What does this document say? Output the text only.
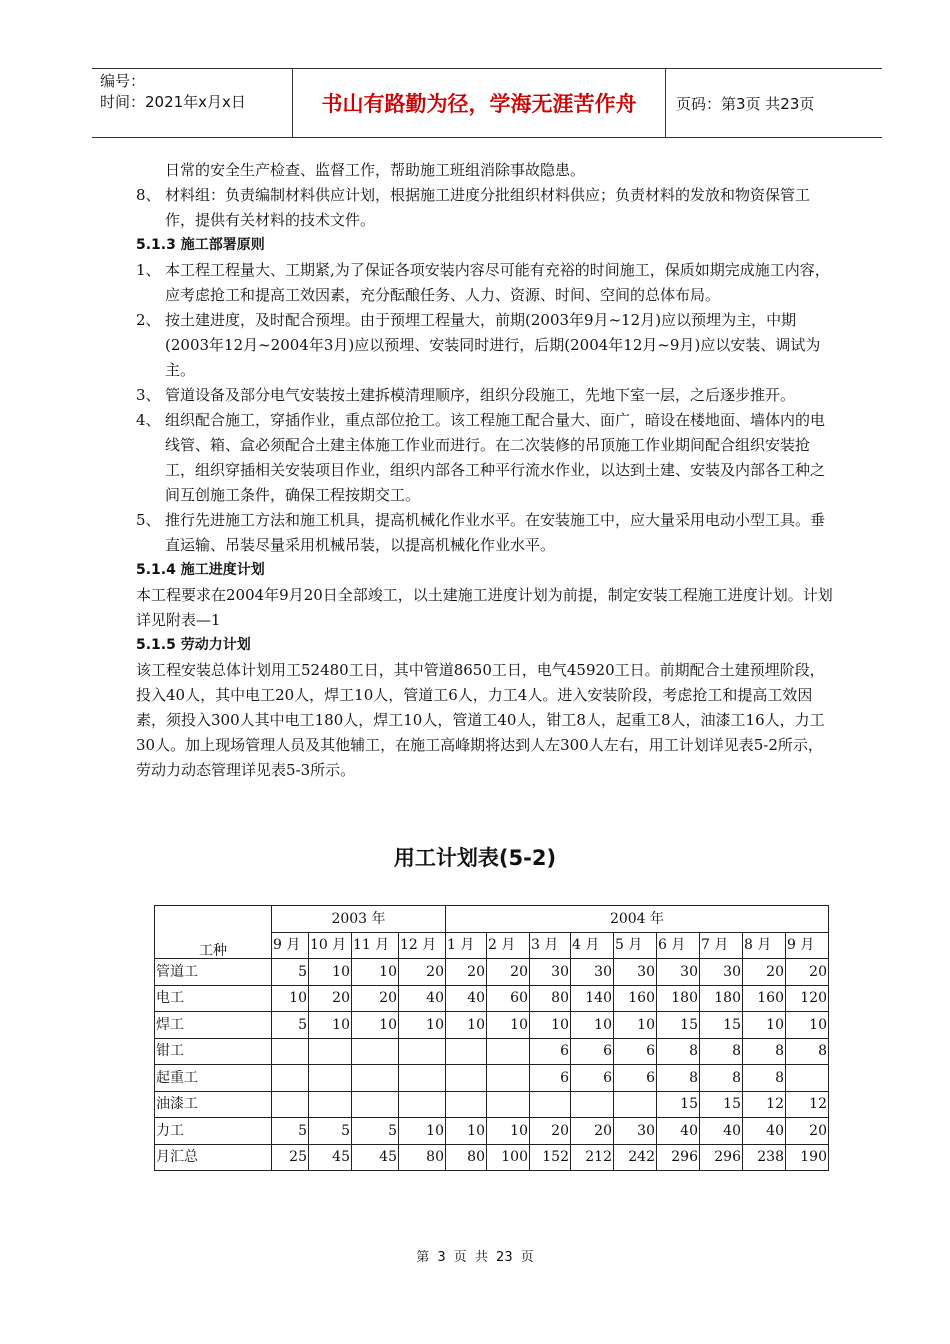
编号：
时间：2021年x月x日	书山有路勤为径，学海无涯苦作舟	页码：第3页 共23页
日常的安全生产检查、监督工作，帮助施工班组消除事故隐患。
8、 材料组：负责编制材料供应计划，根据施工进度分批组织材料供应；负责材料的发放和物资保管工作，提供有关材料的技术文件。
5.1.3 施工部署原则
1、 本工程工程量大、工期紧,为了保证各项安装内容尽可能有充裕的时间施工，保质如期完成施工内容，应考虑抢工和提高工效因素，充分酝酿任务、人力、资源、时间、空间的总体布局。
2、 按土建进度，及时配合预埋。由于预埋工程量大，前期(2003年9月~12月)应以预埋为主，中期(2003年12月~2004年3月)应以预埋、安装同时进行，后期(2004年12月~9月)应以安装、调试为主。
3、 管道设备及部分电气安装按土建拆模清理顺序，组织分段施工，先地下室一层，之后逐步推开。
4、 组织配合施工，穿插作业，重点部位抢工。该工程施工配合量大、面广，暗设在楼地面、墙体内的电线管、箱、盒必须配合土建主体施工作业而进行。在二次装修的吊顶施工作业期间配合组织安装抢工，组织穿插相关安装项目作业，组织内部各工种平行流水作业，以达到土建、安装及内部各工种之间互创施工条件，确保工程按期交工。
5、 推行先进施工方法和施工机具，提高机械化作业水平。在安装施工中，应大量采用电动小型工具。垂直运输、吊装尽量采用机械吊装，以提高机械化作业水平。
5.1.4 施工进度计划
本工程要求在2004年9月20日全部竣工，以土建施工进度计划为前提，制定安装工程施工进度计划。计划详见附表—1
5.1.5 劳动力计划
该工程安装总体计划用工52480工日，其中管道8650工日，电气45920工日。前期配合土建预埋阶段，投入40人，其中电工20人，焊工10人，管道工6人，力工4人。进入安装阶段，考虑抢工和提高工效因素，须投入300人其中电工180人，焊工10人，管道工40人，钳工8人，起重工8人，油漆工16人，力工30人。加上现场管理人员及其他辅工，在施工高峰期将达到人左300人左右，用工计划详见表5-2所示，劳动力动态管理详见表5-3所示。
用工计划表(5-2)
工种	2003 年				2004 年								
	9 月	10 月	11 月	12 月	1 月	2 月	3 月	4 月	5 月	6 月	7 月	8 月	9 月
管道工	5	10	10	20	20	20	30	30	30	30	30	20	20
电工	10	20	20	40	40	60	80	140	160	180	180	160	120
焊工	5	10	10	10	10	10	10	10	10	15	15	10	10
钳工							6	6	6	8	8	8	8
起重工							6	6	6	8	8	8	
油漆工										15	15	12	12
力工	5	5	5	10	10	10	20	20	30	40	40	40	20
月汇总	25	45	45	80	80	100	152	212	242	296	296	238	190
第 3 页 共 23 页
